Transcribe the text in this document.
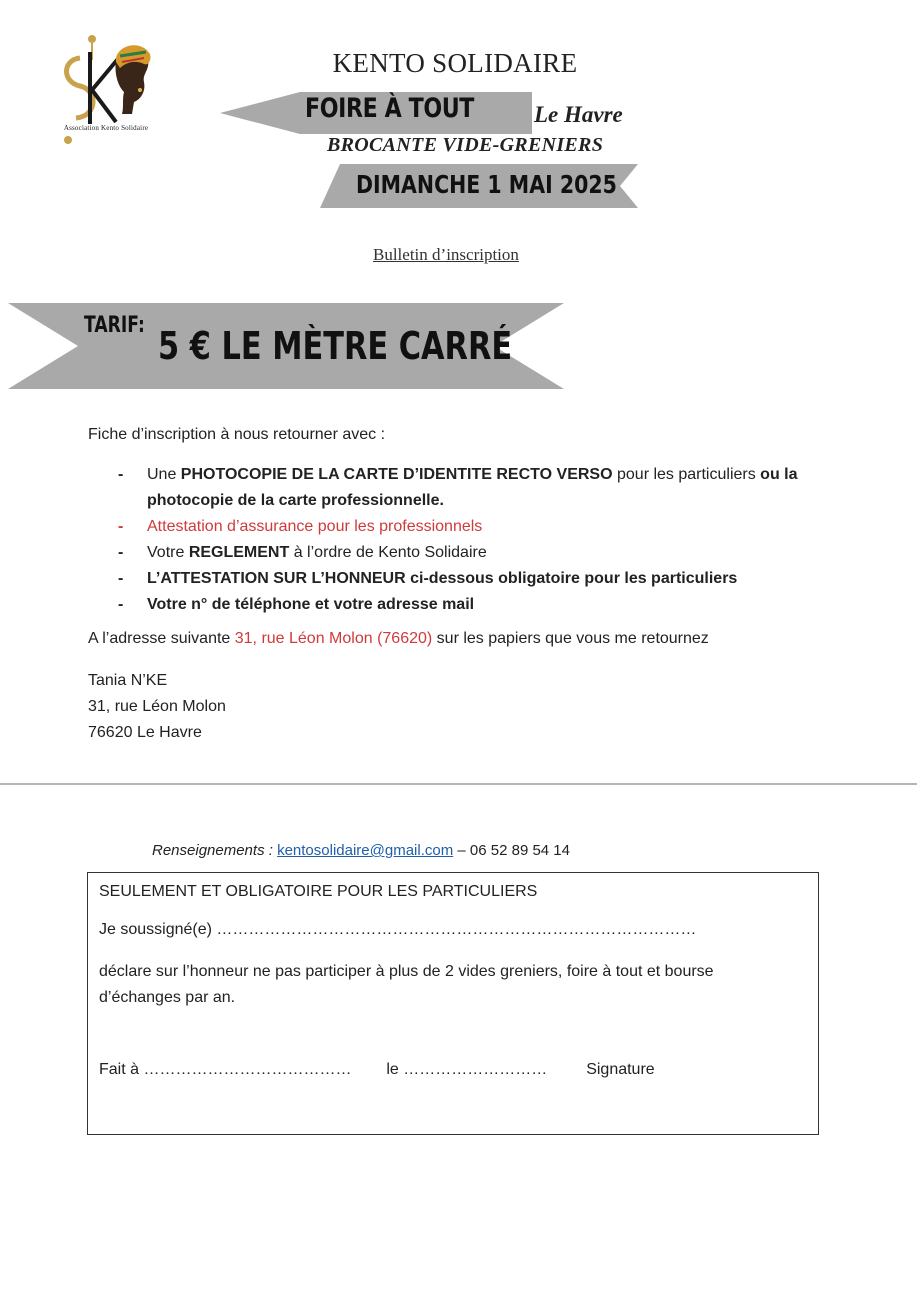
Association Kento Solidaire
KENTO SOLIDAIRE
FOIRE À TOUT	Le Havre
BROCANTE VIDE-GRENIERS
DIMANCHE 1 MAI 2025
Bulletin d’inscription
TARIF: 5 € LE MÈTRE CARRÉ
Fiche d’inscription à nous retourner avec :
- Une PHOTOCOPIE DE LA CARTE D’IDENTITE RECTO VERSO pour les particuliers ou la photocopie de la carte professionnelle.
- Attestation d’assurance pour les professionnels
- Votre REGLEMENT à l’ordre de Kento Solidaire
- L’ATTESTATION SUR L’HONNEUR ci-dessous obligatoire pour les particuliers
- Votre n° de téléphone et votre adresse mail
A l’adresse suivante 31, rue Léon Molon (76620) sur les papiers que vous me retournez
Tania N’KE
31, rue Léon Molon
76620 Le Havre
Renseignements : kentosolidaire@gmail.com – 06 52 89 54 14
SEULEMENT ET OBLIGATOIRE POUR LES PARTICULIERS
Je soussigné(e) ………………………………………………………………………………
déclare sur l’honneur ne pas participer à plus de 2 vides greniers, foire à tout et bourse d’échanges par an.
Fait à ………………………………… le ……………………… Signature
